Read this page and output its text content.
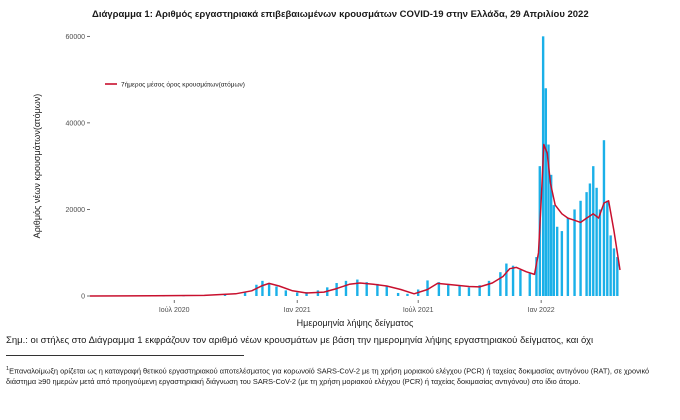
Διάγραμμα 1: Αριθμός εργαστηριακά επιβεβαιωμένων κρουσμάτων COVID-19 στην Ελλάδα, 29 Απριλίου 2022
0
20000
40000
60000
Ιούλ 2020	Ιαν 2021	Ιούλ 2021	Ιαν 2022
7ήμερος μέσος όρος κρουσμάτων(ατόμων)
Ημερομηνία λήψης δείγματος
Αριθμός νέων κρουσμάτων(ατόμων)
Σημ.: οι στήλες στο Διάγραμμα 1 εκφράζουν τον αριθμό νέων κρουσμάτων με βάση την ημερομηνία λήψης εργαστηριακού δείγματος, και όχι
$^1$Επαναλοίμωξη ορίζεται ως η καταγραφή θετικού εργαστηριακού αποτελέσματος για κορωνοϊό SARS-CoV-2 με τη χρήση μοριακού ελέγχου (PCR) ή ταχείας δοκιμασίας αντιγόνου (RAT), σε χρονικό διάστημα ≥90 ημερών μετά από προηγούμενη εργαστηριακή διάγνωση του SARS-CoV-2 (με τη χρήση μοριακού ελέγχου (PCR) ή ταχείας δοκιμασίας αντιγόνου) στο ίδιο άτομο.
